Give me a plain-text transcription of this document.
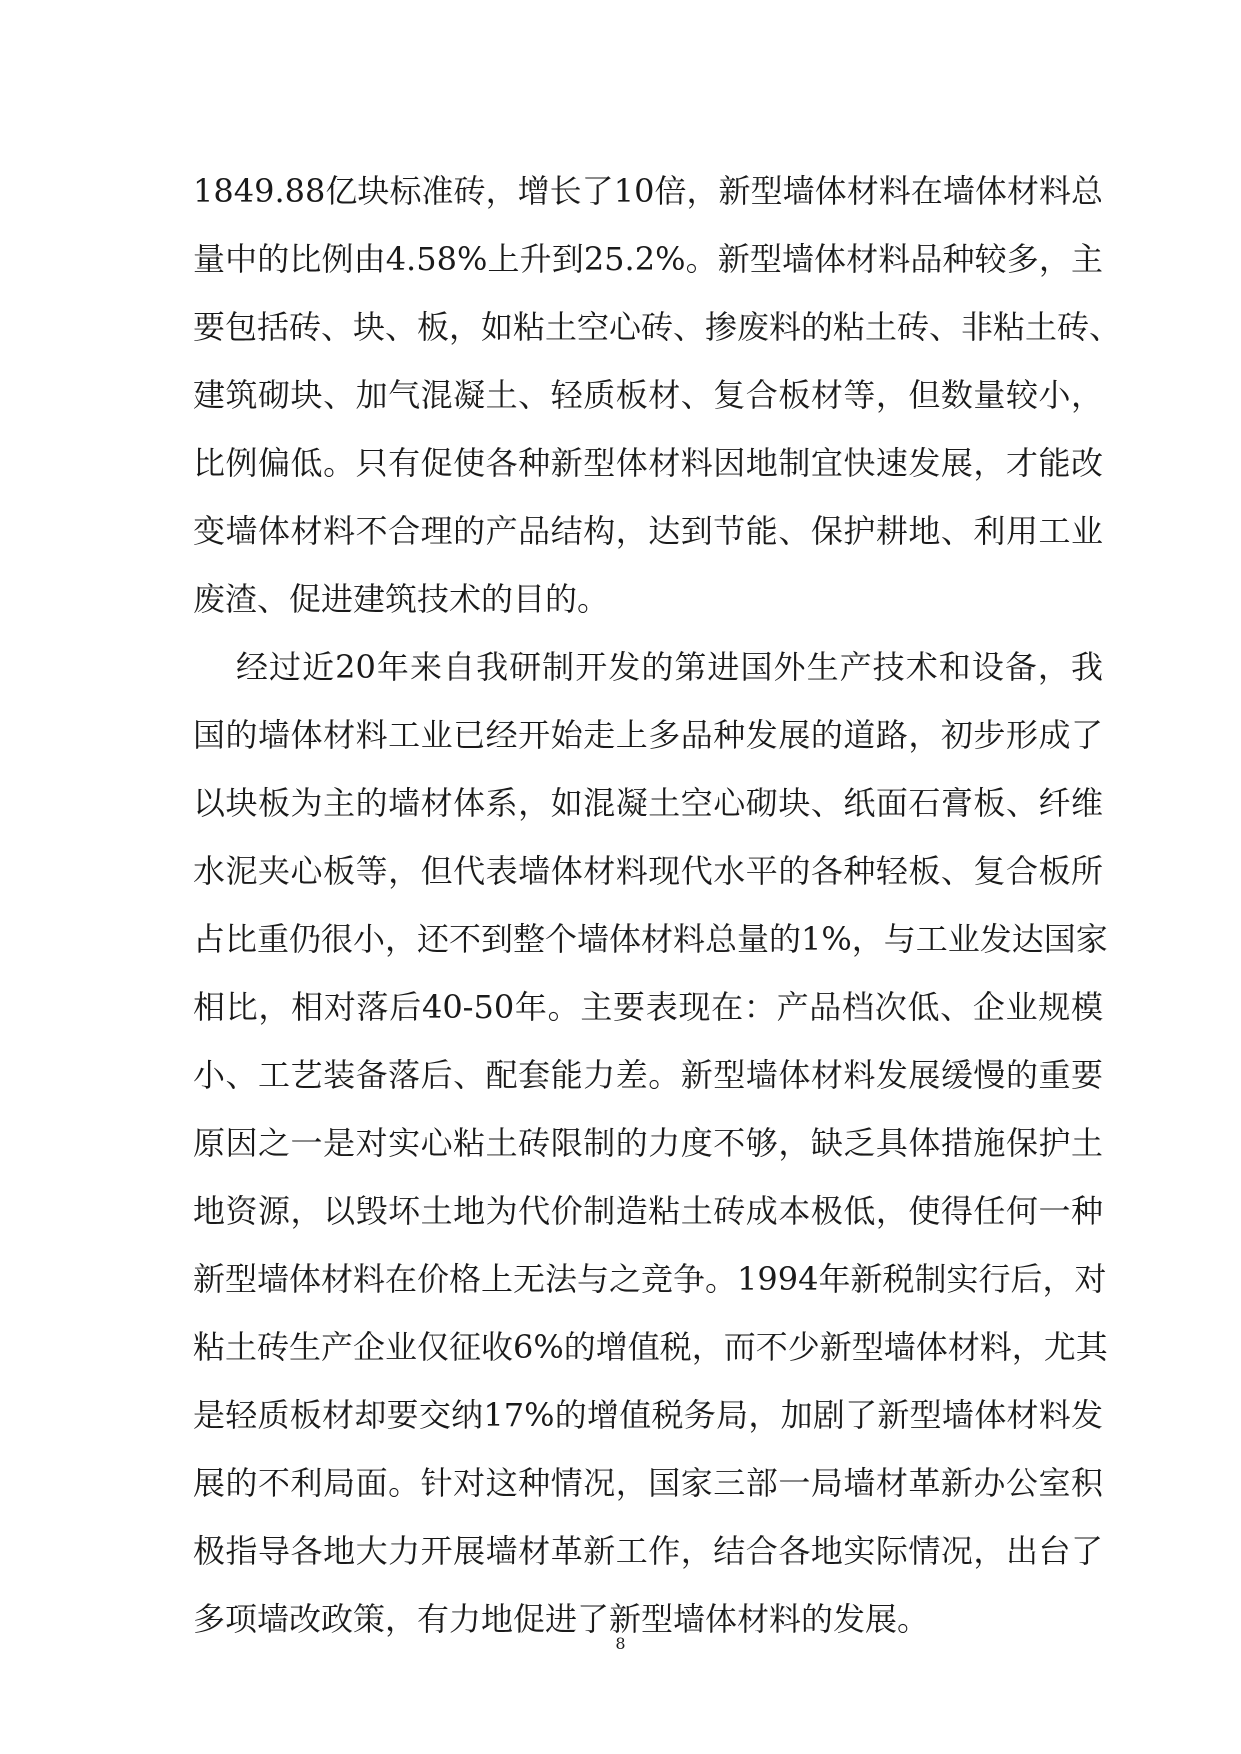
1849.88亿块标准砖，增长了10倍，新型墙体材料在墙体材料总
量中的比例由4.58%上升到25.2%。新型墙体材料品种较多，主
要包括砖、块、板，如粘土空心砖、掺废料的粘土砖、非粘土砖、
建筑砌块、加气混凝土、轻质板材、复合板材等，但数量较小，
比例偏低。只有促使各种新型体材料因地制宜快速发展，才能改
变墙体材料不合理的产品结构，达到节能、保护耕地、利用工业
废渣、促进建筑技术的目的。
经过近20年来自我研制开发的第进国外生产技术和设备，我
国的墙体材料工业已经开始走上多品种发展的道路，初步形成了
以块板为主的墙材体系，如混凝土空心砌块、纸面石膏板、纤维
水泥夹心板等，但代表墙体材料现代水平的各种轻板、复合板所
占比重仍很小，还不到整个墙体材料总量的1%，与工业发达国家
相比，相对落后40-50年。主要表现在：产品档次低、企业规模
小、工艺装备落后、配套能力差。新型墙体材料发展缓慢的重要
原因之一是对实心粘土砖限制的力度不够，缺乏具体措施保护土
地资源，以毁坏土地为代价制造粘土砖成本极低，使得任何一种
新型墙体材料在价格上无法与之竞争。1994年新税制实行后，对
粘土砖生产企业仅征收6%的增值税，而不少新型墙体材料，尤其
是轻质板材却要交纳17%的增值税务局，加剧了新型墙体材料发
展的不利局面。针对这种情况，国家三部一局墙材革新办公室积
极指导各地大力开展墙材革新工作，结合各地实际情况，出台了
多项墙改政策，有力地促进了新型墙体材料的发展。
8
